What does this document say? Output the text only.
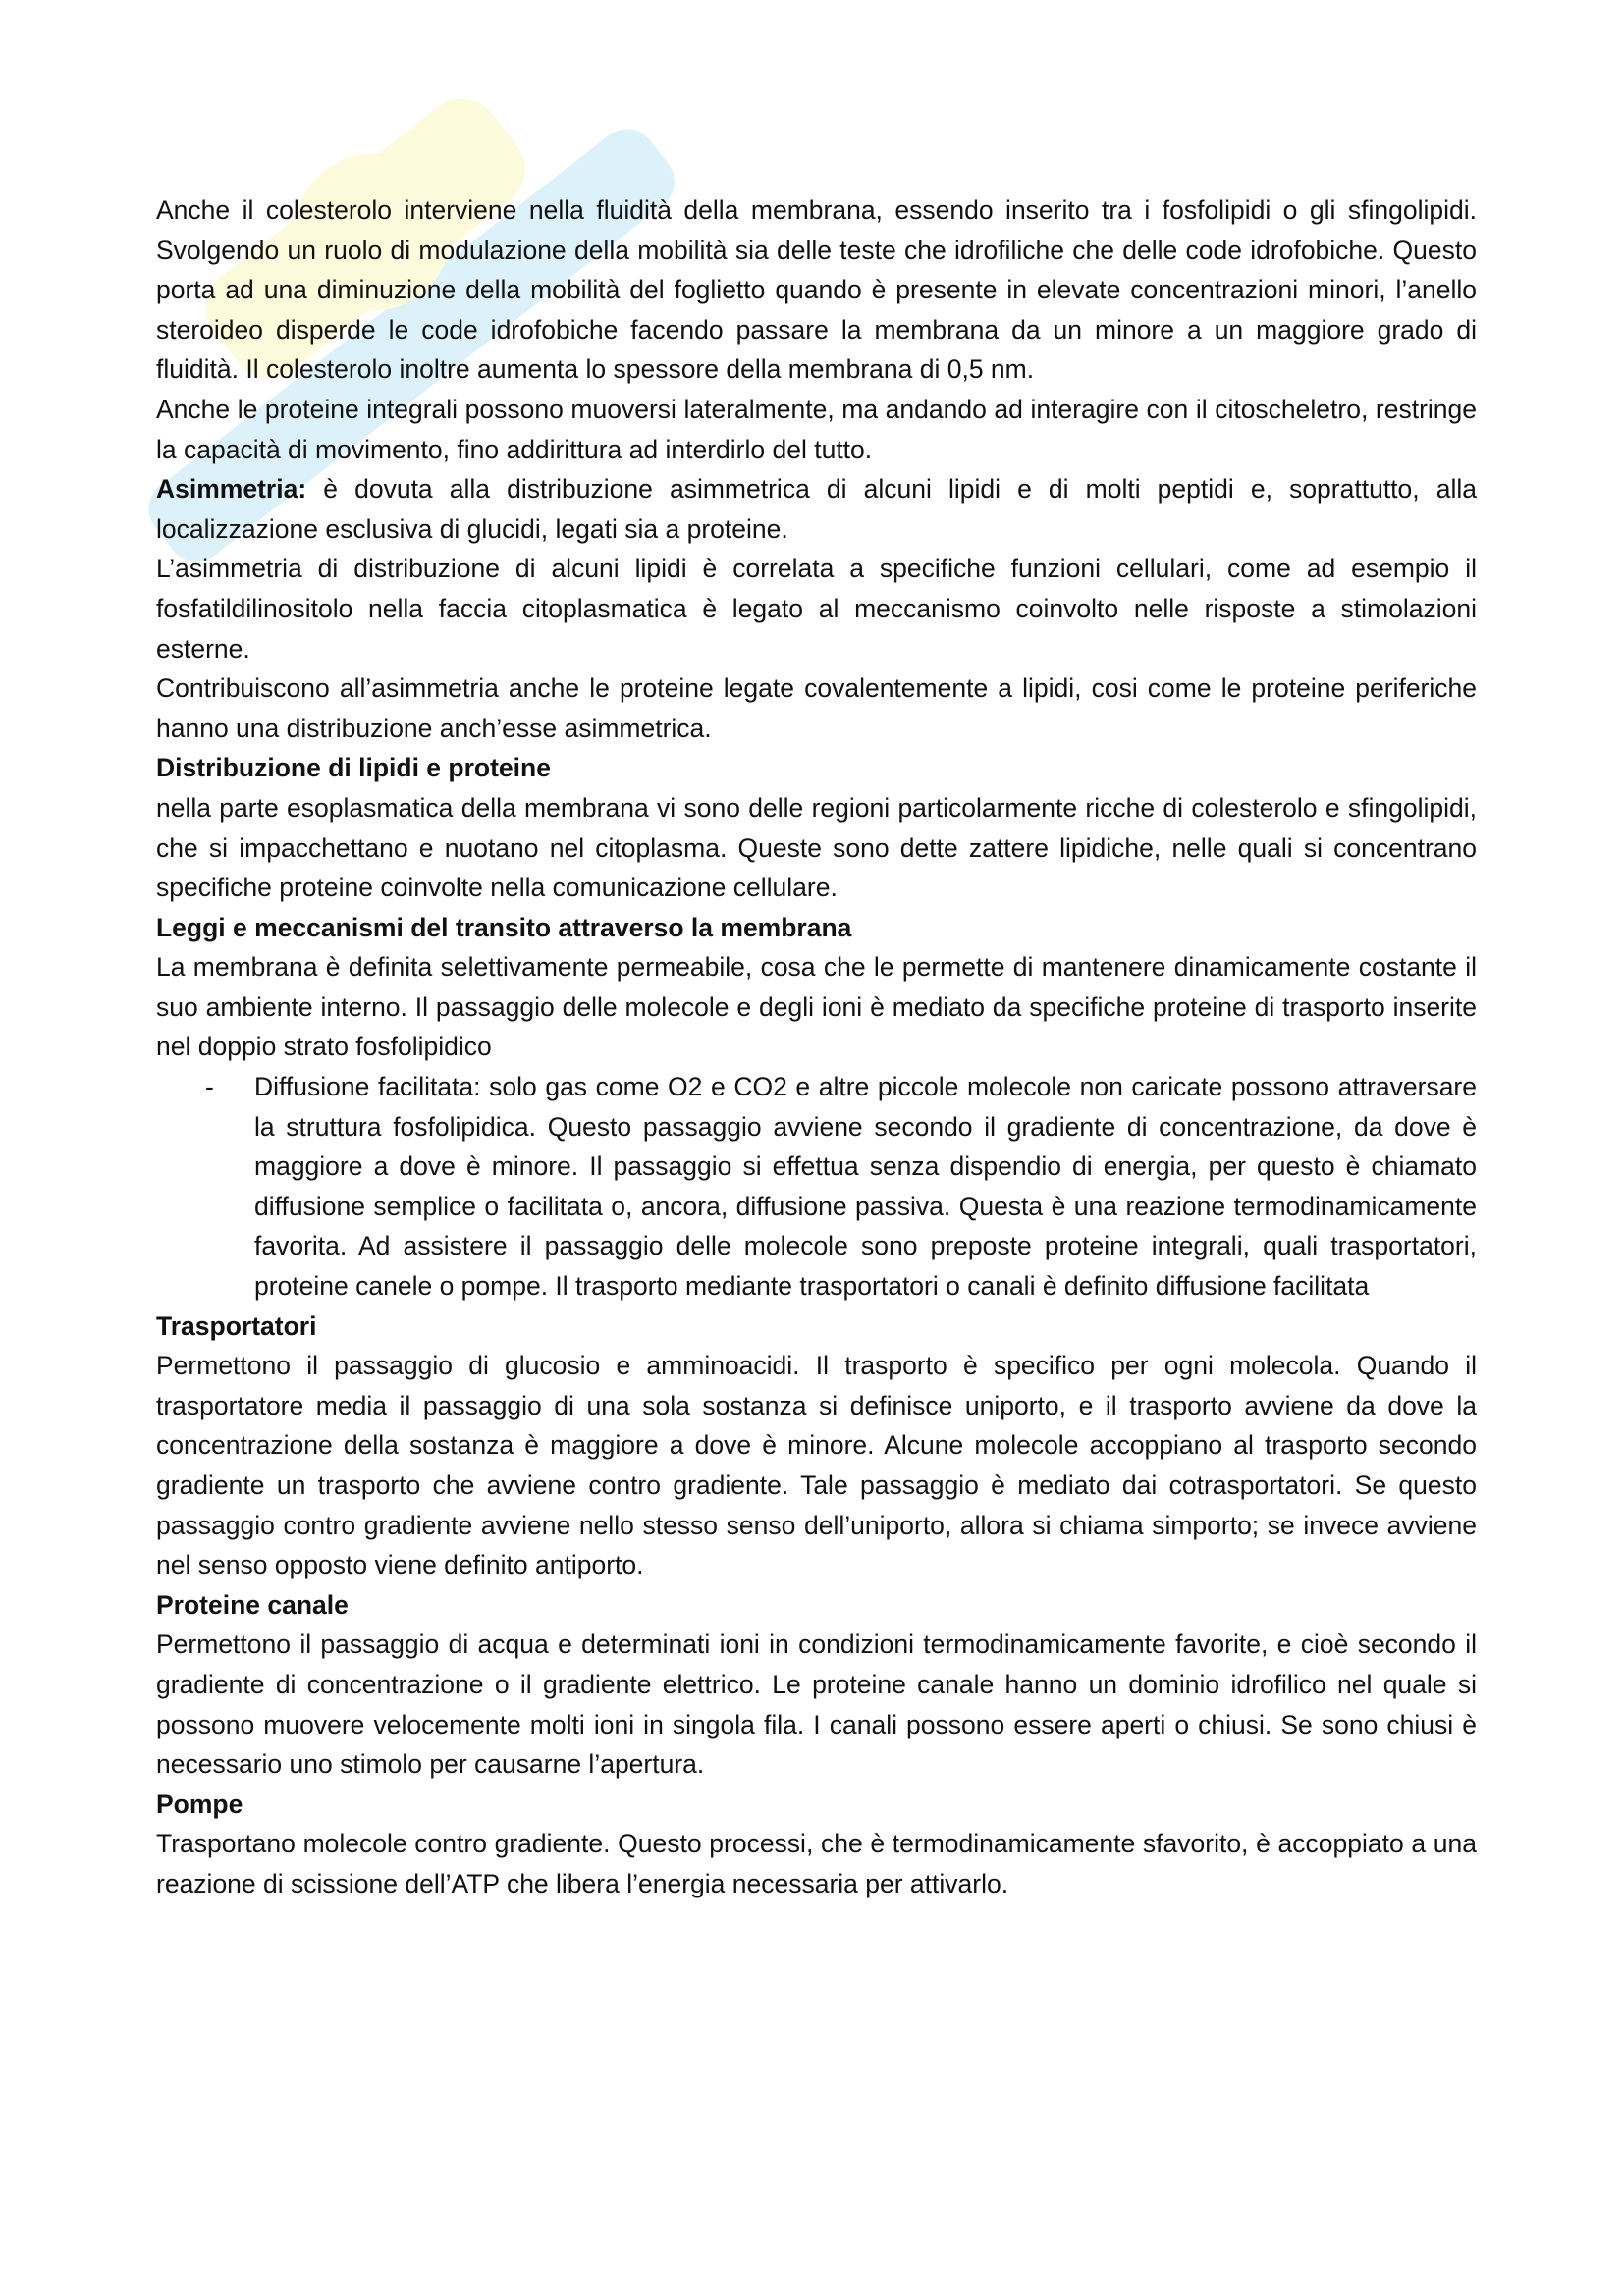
Anche il colesterolo interviene nella fluidità della membrana, essendo inserito tra i fosfolipidi o gli sfingolipidi. Svolgendo un ruolo di modulazione della mobilità sia delle teste che idrofiliche che delle code idrofobiche. Questo porta ad una diminuzione della mobilità del foglietto quando è presente in elevate concentrazioni minori, l’anello steroideo disperde le code idrofobiche facendo passare la membrana da un minore a un maggiore grado di fluidità. Il colesterolo inoltre aumenta lo spessore della membrana di 0,5 nm.

Anche le proteine integrali possono muoversi lateralmente, ma andando ad interagire con il citoscheletro, restringe la capacità di movimento, fino addirittura ad interdirlo del tutto.

Asimmetria: è dovuta alla distribuzione asimmetrica di alcuni lipidi e di molti peptidi e, soprattutto, alla localizzazione esclusiva di glucidi, legati sia a proteine.

L’asimmetria di distribuzione di alcuni lipidi è correlata a specifiche funzioni cellulari, come ad esempio il fosfatildilinositolo nella faccia citoplasmatica è legato al meccanismo coinvolto nelle risposte a stimolazioni esterne.

Contribuiscono all’asimmetria anche le proteine legate covalentemente a lipidi, cosi come le proteine periferiche hanno una distribuzione anch’esse asimmetrica.

Distribuzione di lipidi e proteine

nella parte esoplasmatica della membrana vi sono delle regioni particolarmente ricche di colesterolo e sfingolipidi, che si impacchettano e nuotano nel citoplasma. Queste sono dette zattere lipidiche, nelle quali si concentrano specifiche proteine coinvolte nella comunicazione cellulare.

Leggi e meccanismi del transito attraverso la membrana

La membrana è definita selettivamente permeabile, cosa che le permette di mantenere dinamicamente costante il suo ambiente interno. Il passaggio delle molecole e degli ioni è mediato da specifiche proteine di trasporto inserite nel doppio strato fosfolipidico

- Diffusione facilitata: solo gas come O2 e CO2 e altre piccole molecole non caricate possono attraversare la struttura fosfolipidica. Questo passaggio avviene secondo il gradiente di concentrazione, da dove è maggiore a dove è minore. Il passaggio si effettua senza dispendio di energia, per questo è chiamato diffusione semplice o facilitata o, ancora, diffusione passiva. Questa è una reazione termodinamicamente favorita. Ad assistere il passaggio delle molecole sono preposte proteine integrali, quali trasportatori, proteine canele o pompe. Il trasporto mediante trasportatori o canali è definito diffusione facilitata

Trasportatori

Permettono il passaggio di glucosio e amminoacidi. Il trasporto è specifico per ogni molecola. Quando il trasportatore media il passaggio di una sola sostanza si definisce uniporto, e il trasporto avviene da dove la concentrazione della sostanza è maggiore a dove è minore. Alcune molecole accoppiano al trasporto secondo gradiente un trasporto che avviene contro gradiente. Tale passaggio è mediato dai cotrasportatori. Se questo passaggio contro gradiente avviene nello stesso senso dell’uniporto, allora si chiama simporto; se invece avviene nel senso opposto viene definito antiporto.

Proteine canale

Permettono il passaggio di acqua e determinati ioni in condizioni termodinamicamente favorite, e cioè secondo il gradiente di concentrazione o il gradiente elettrico. Le proteine canale hanno un dominio idrofilico nel quale si possono muovere velocemente molti ioni in singola fila. I canali possono essere aperti o chiusi. Se sono chiusi è necessario uno stimolo per causarne l’apertura.

Pompe

Trasportano molecole contro gradiente. Questo processi, che è termodinamicamente sfavorito, è accoppiato a una reazione di scissione dell’ATP che libera l’energia necessaria per attivarlo.
